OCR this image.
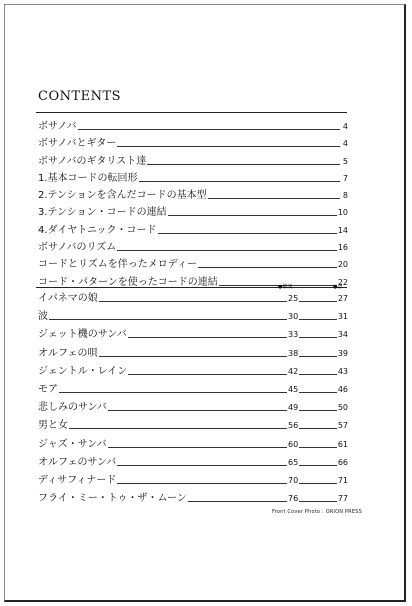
CONTENTS
ボサノバ	4
ボサノバとギター	4
ボサノバのギタリスト達	5
1.基本コードの転回形	7
2.テンションを含んだコードの基本型	8
3.テンション・コードの連結	10
4.ダイヤトニック・コード	14
ボサノバのリズム	16
コードとリズムを伴ったメロディー	20
コード・パターンを使ったコードの連結	22
●解説	●譜
イパネマの娘	25	27
波	30	31
ジェット機のサンバ	33	34
オルフェの唄	38	39
ジェントル・レイン	42	43
モア	45	46
悲しみのサンバ	49	50
男と女	56	57
ジャズ・サンバ	60	61
オルフェのサンバ	65	66
ディサフィナード	70	71
フライ・ミー・トゥ・ザ・ムーン	76	77
Front Cover Photo : ORION PRESS
